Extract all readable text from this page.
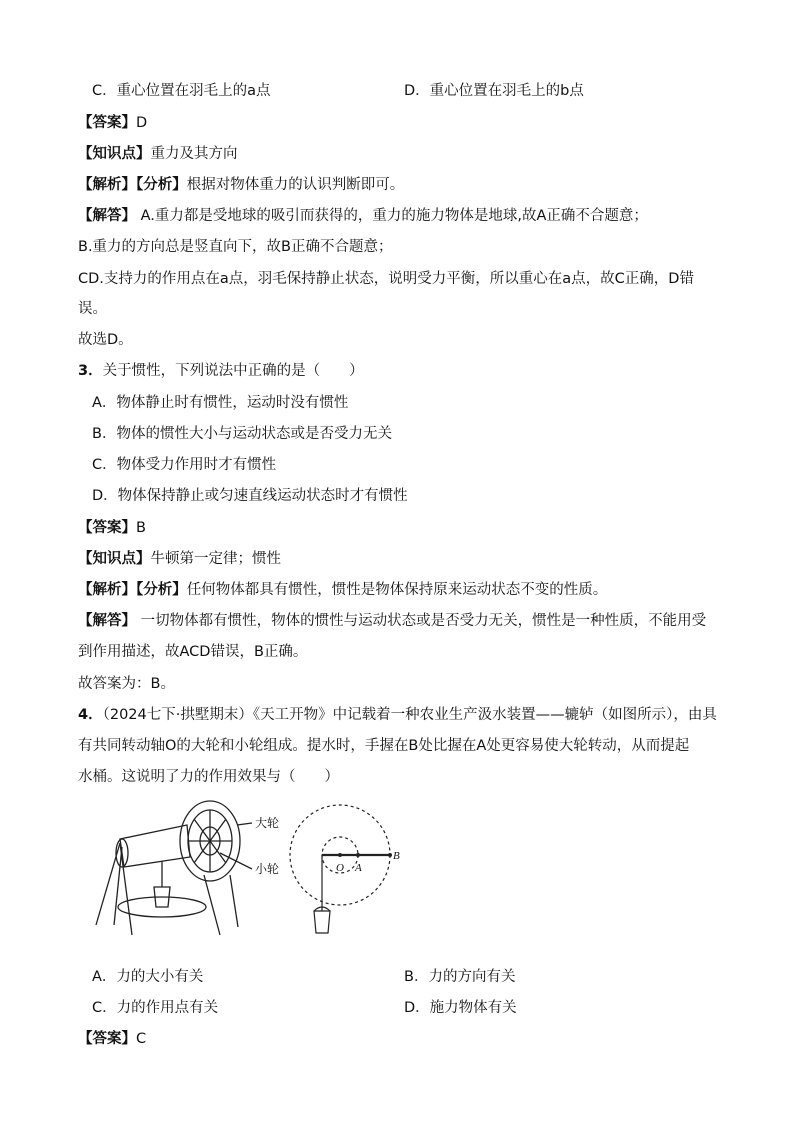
C．重心位置在羽毛上的a点	D．重心位置在羽毛上的b点
【答案】D
【知识点】重力及其方向
【解析】【分析】根据对物体重力的认识判断即可。
【解答】 A.重力都是受地球的吸引而获得的，重力的施力物体是地球,故A正确不合题意；
B.重力的方向总是竖直向下，故B正确不合题意；
CD.支持力的作用点在a点，羽毛保持静止状态，说明受力平衡，所以重心在a点，故C正确，D错
误。
故选D。
3．关于惯性，下列说法中正确的是（　　）
A．物体静止时有惯性，运动时没有惯性
B．物体的惯性大小与运动状态或是否受力无关
C．物体受力作用时才有惯性
D．物体保持静止或匀速直线运动状态时才有惯性
【答案】B
【知识点】牛顿第一定律；惯性
【解析】【分析】任何物体都具有惯性，惯性是物体保持原来运动状态不变的性质。
【解答】 一切物体都有惯性，物体的惯性与运动状态或是否受力无关，惯性是一种性质，不能用受
到作用描述，故ACD错误，B正确。
故答案为：B。
4．（2024七下·拱墅期末）《天工开物》中记载着一种农业生产汲水装置——辘轳（如图所示），由具
有共同转动轴O的大轮和小轮组成。提水时，手握在B处比握在A处更容易使大轮转动，从而提起
水桶。这说明了力的作用效果与（　　）
大轮
小轮	O A
B
A．力的大小有关	B．力的方向有关
C．力的作用点有关	D．施力物体有关
【答案】C
